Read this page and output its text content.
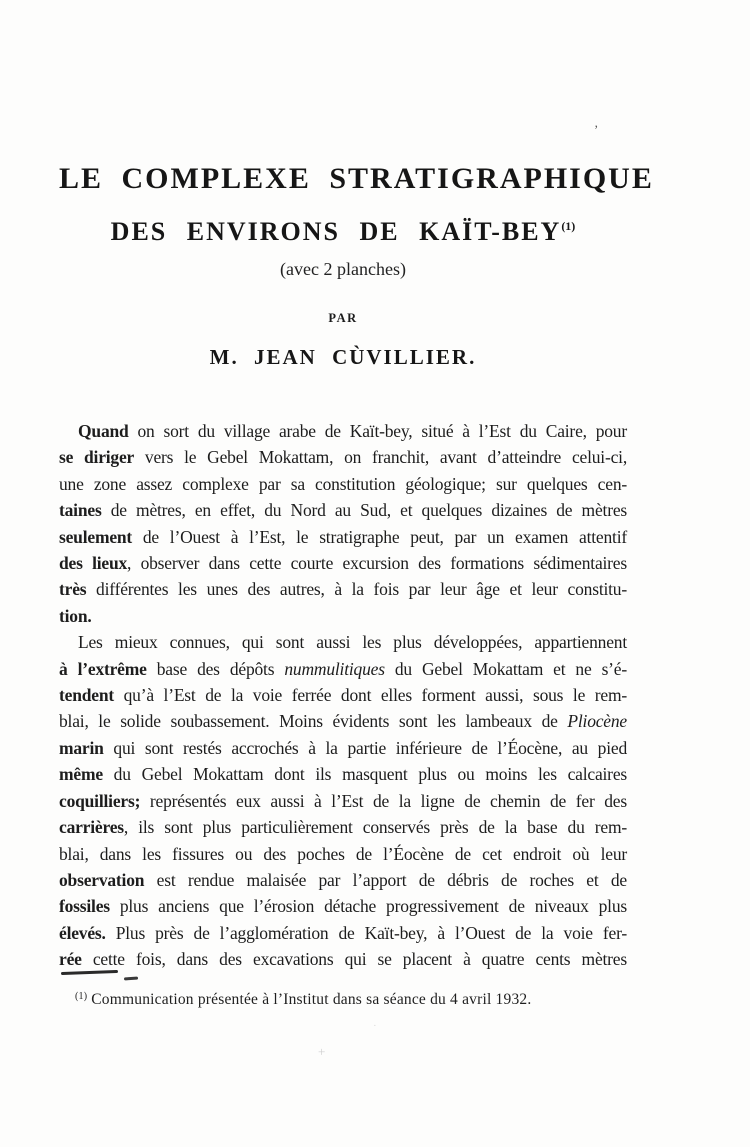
’
LE COMPLEXE STRATIGRAPHIQUE
DES ENVIRONS DE KAÏT-BEY$^{(1)}$
(avec 2 planches)
PAR
M. JEAN CÙVILLIER.
Quand on sort du village arabe de Kaït-bey, situé à l’Est du Caire, pour
se diriger vers le Gebel Mokattam, on franchit, avant d’atteindre celui-ci,
une zone assez complexe par sa constitution géologique; sur quelques cen-
taines de mètres, en effet, du Nord au Sud, et quelques dizaines de mètres
seulement de l’Ouest à l’Est, le stratigraphe peut, par un examen attentif
des lieux, observer dans cette courte excursion des formations sédimentaires
très différentes les unes des autres, à la fois par leur âge et leur constitu-
tion.
Les mieux connues, qui sont aussi les plus développées, appartiennent
à l’extrême base des dépôts nummulitiques du Gebel Mokattam et ne s’é-
tendent qu’à l’Est de la voie ferrée dont elles forment aussi, sous le rem-
blai, le solide soubassement. Moins évidents sont les lambeaux de Pliocène
marin qui sont restés accrochés à la partie inférieure de l’Éocène, au pied
même du Gebel Mokattam dont ils masquent plus ou moins les calcaires
coquilliers; représentés eux aussi à l’Est de la ligne de chemin de fer des
carrières, ils sont plus particulièrement conservés près de la base du rem-
blai, dans les fissures ou des poches de l’Éocène de cet endroit où leur
observation est rendue malaisée par l’apport de débris de roches et de
fossiles plus anciens que l’érosion détache progressivement de niveaux plus
élevés. Plus près de l’agglomération de Kaït-bey, à l’Ouest de la voie fer-
rée cette fois, dans des excavations qui se placent à quatre cents mètres
$^{(1)}$ Communication présentée à l’Institut dans sa séance du 4 avril 1932.
·
+
